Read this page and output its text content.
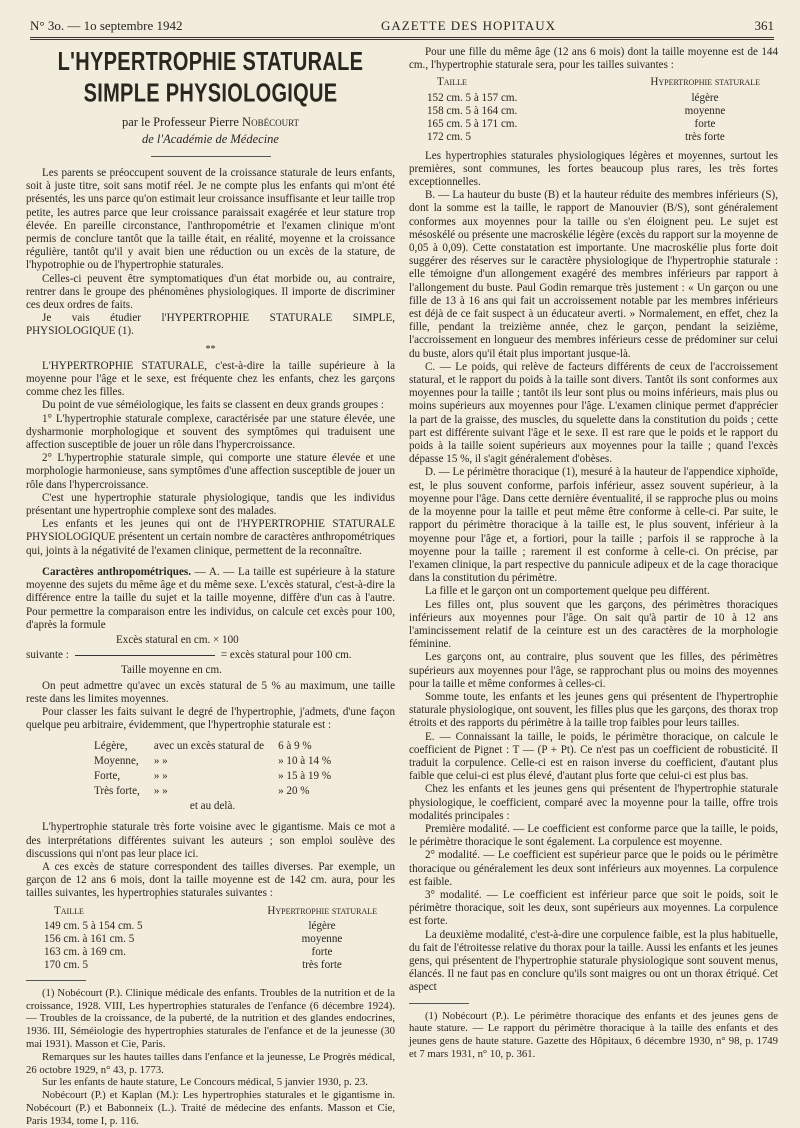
N° 3o. — 1o septembre 1942	GAZETTE DES HOPITAUX	361
L'HYPERTROPHIE STATURALE SIMPLE PHYSIOLOGIQUE
par le Professeur Pierre Nobécourt
de l'Académie de Médecine

Les parents se préoccupent souvent de la croissance staturale de leurs enfants, soit à juste titre, soit sans motif réel. Je ne compte plus les enfants qui m'ont été présentés, les uns parce qu'on estimait leur croissance insuffisante et leur taille trop petite, les autres parce que leur croissance paraissait exagérée et leur stature trop élevée. En pareille circonstance, l'anthropométrie et l'examen clinique m'ont permis de conclure tantôt que la taille était, en réalité, moyenne et la croissance régulière, tantôt qu'il y avait bien une réduction ou un excès de la stature, de l'hypotrophie ou de l'hypertrophie staturales.

Celles-ci peuvent être symptomatiques d'un état morbide ou, au contraire, rentrer dans le groupe des phénomènes physiologiques. Il importe de discriminer ces deux ordres de faits.

Je vais étudier l'HYPERTROPHIE STATURALE SIMPLE, PHYSIOLOGIQUE (1).

**

L'HYPERTROPHIE STATURALE, c'est-à-dire la taille supérieure à la moyenne pour l'âge et le sexe, est fréquente chez les enfants, chez les garçons comme chez les filles.

Du point de vue séméiologique, les faits se classent en deux grands groupes :

1° L'hypertrophie staturale complexe, caractérisée par une stature élevée, une dysharmonie morphologique et souvent des symptômes qui traduisent une affection susceptible de jouer un rôle dans l'hypercroissance.

2° L'hypertrophie staturale simple, qui comporte une stature élevée et une morphologie harmonieuse, sans symptômes d'une affection susceptible de jouer un rôle dans l'hypercroissance.

C'est une hypertrophie staturale physiologique, tandis que les individus présentant une hypertrophie complexe sont des malades.

Les enfants et les jeunes qui ont de l'HYPERTROPHIE STATURALE PHYSIOLOGIQUE présentent un certain nombre de caractères anthropométriques qui, joints à la négativité de l'examen clinique, permettent de la reconnaître.

Caractères anthropométriques. — A. — La taille est supérieure à la stature moyenne des sujets du même âge et du même sexe. L'excès statural, c'est-à-dire la différence entre la taille du sujet et la taille moyenne, diffère d'un cas à l'autre. Pour permettre la comparaison entre les individus, on calcule cet excès pour 100, d'après la formule

Excès statural en cm. × 100
suivante :	= excès statural pour 100 cm.
Taille moyenne en cm.

On peut admettre qu'avec un excès statural de 5 % au maximum, une taille reste dans les limites moyennes.

Pour classer les faits suivant le degré de l'hypertrophie, j'admets, d'une façon quelque peu arbitraire, évidemment, que l'hypertrophie staturale est :

Légère,	avec un excès statural de	6 à 9 %
Moyenne,	» »	» 10 à 14 %
Forte,	» »	» 15 à 19 %
Très forte,	» »	» 20 %
et au delà.		

L'hypertrophie staturale très forte voisine avec le gigantisme. Mais ce mot a des interprétations différentes suivant les auteurs ; son emploi soulève des discussions qui n'ont pas leur place ici.

A ces excès de stature correspondent des tailles diverses. Par exemple, un garçon de 12 ans 6 mois, dont la taille moyenne est de 142 cm. aura, pour les tailles suivantes, les hypertrophies staturales suivantes :

Taille	Hypertrophie staturale
149 cm. 5 à 154 cm. 5	légère
156 cm. à 161 cm. 5	moyenne
163 cm. à 169 cm.	forte
170 cm. 5	très forte

(1) Nobécourt (P.). Clinique médicale des enfants. Troubles de la nutrition et de la croissance, 1928. VIII, Les hypertrophies staturales de l'enfance (6 décembre 1924). — Troubles de la croissance, de la puberté, de la nutrition et des glandes endocrines, 1936. III, Séméiologie des hypertrophies staturales de l'enfance et de la jeunesse (30 mai 1931). Masson et Cie, Paris.

Remarques sur les hautes tailles dans l'enfance et la jeunesse, Le Progrès médical, 26 octobre 1929, n° 43, p. 1773.

Sur les enfants de haute stature, Le Concours médical, 5 janvier 1930, p. 23.

Nobécourt (P.) et Kaplan (M.): Les hypertrophies staturales et le gigantisme in. Nobécourt (P.) et Babonneix (L.). Traité de médecine des enfants. Masson et Cie, Paris 1934, tome I, p. 116.

Pour une fille du même âge (12 ans 6 mois) dont la taille moyenne est de 144 cm., l'hypertrophie staturale sera, pour les tailles suivantes :

Taille	Hypertrophie staturale
152 cm. 5 à 157 cm.	légère
158 cm. 5 à 164 cm.	moyenne
165 cm. 5 à 171 cm.	forte
172 cm. 5	très forte

Les hypertrophies staturales physiologiques légères et moyennes, surtout les premières, sont communes, les fortes beaucoup plus rares, les très fortes exceptionnelles.

B. — La hauteur du buste (B) et la hauteur réduite des membres inférieurs (S), dont la somme est la taille, le rapport de Manouvier (B/S), sont généralement conformes aux moyennes pour la taille ou s'en éloignent peu. Le sujet est mésoskélé ou présente une macroskélie légère (excès du rapport sur la moyenne de 0,05 à 0,09). Cette constatation est importante. Une macroskélie plus forte doit suggérer des réserves sur le caractère physiologique de l'hypertrophie staturale : elle témoigne d'un allongement exagéré des membres inférieurs par rapport à l'allongement du buste. Paul Godin remarque très justement : « Un garçon ou une fille de 13 à 16 ans qui fait un accroissement notable par les membres inférieurs est déjà de ce fait suspect à un éducateur averti. » Normalement, en effet, chez la fille, pendant la treizième année, chez le garçon, pendant la seizième, l'accroissement en longueur des membres inférieurs cesse de prédominer sur celui du buste, alors qu'il était plus important jusque-là.

C. — Le poids, qui relève de facteurs différents de ceux de l'accroissement statural, et le rapport du poids à la taille sont divers. Tantôt ils sont conformes aux moyennes pour la taille ; tantôt ils leur sont plus ou moins inférieurs, mais plus ou moins supérieurs aux moyennes pour l'âge. L'examen clinique permet d'apprécier la part de la graisse, des muscles, du squelette dans la constitution du poids ; cette part est différente suivant l'âge et le sexe. Il est rare que le poids et le rapport du poids à la taille soient supérieurs aux moyennes pour la taille ; quand l'excès dépasse 15 %, il s'agit généralement d'obèses.

D. — Le périmètre thoracique (1), mesuré à la hauteur de l'appendice xiphoïde, est, le plus souvent conforme, parfois inférieur, assez souvent supérieur, à la moyenne pour l'âge. Dans cette dernière éventualité, il se rapproche plus ou moins de la moyenne pour la taille et peut même être conforme à celle-ci. Par suite, le rapport du périmètre thoracique à la taille est, le plus souvent, inférieur à la moyenne pour l'âge et, a fortiori, pour la taille ; parfois il se rapproche à la moyenne pour la taille ; rarement il est conforme à celle-ci. On précise, par l'examen clinique, la part respective du pannicule adipeux et de la cage thoracique dans la constitution du périmètre.

La fille et le garçon ont un comportement quelque peu différent.

Les filles ont, plus souvent que les garçons, des périmètres thoraciques inférieurs aux moyennes pour l'âge. On sait qu'à partir de 10 à 12 ans l'amincissement relatif de la ceinture est un des caractères de la morphologie féminine.

Les garçons ont, au contraire, plus souvent que les filles, des périmètres supérieurs aux moyennes pour l'âge, se rapprochant plus ou moins des moyennes pour la taille et même conformes à celles-ci.

Somme toute, les enfants et les jeunes gens qui présentent de l'hypertrophie staturale physiologique, ont souvent, les filles plus que les garçons, des thorax trop étroits et des rapports du périmètre à la taille trop faibles pour leurs tailles.

E. — Connaissant la taille, le poids, le périmètre thoracique, on calcule le coefficient de Pignet : T — (P + Pt). Ce n'est pas un coefficient de robusticité. Il traduit la corpulence. Celle-ci est en raison inverse du coefficient, d'autant plus faible que celui-ci est plus élevé, d'autant plus forte que celui-ci est plus bas.

Chez les enfants et les jeunes gens qui présentent de l'hypertrophie staturale physiologique, le coefficient, comparé avec la moyenne pour la taille, offre trois modalités principales :

Première modalité. — Le coefficient est conforme parce que la taille, le poids, le périmètre thoracique le sont également. La corpulence est moyenne.

2° modalité. — Le coefficient est supérieur parce que le poids ou le périmètre thoracique ou généralement les deux sont inférieurs aux moyennes. La corpulence est faible.

3° modalité. — Le coefficient est inférieur parce que soit le poids, soit le périmètre thoracique, soit les deux, sont supérieurs aux moyennes. La corpulence est forte.

La deuxième modalité, c'est-à-dire une corpulence faible, est la plus habituelle, du fait de l'étroitesse relative du thorax pour la taille. Aussi les enfants et les jeunes gens, qui présentent de l'hypertrophie staturale physiologique sont souvent menus, élancés. Il ne faut pas en conclure qu'ils sont maigres ou ont un thorax étriqué. Cet aspect

(1) Nobécourt (P.). Le périmètre thoracique des enfants et des jeunes gens de haute stature. — Le rapport du périmètre thoracique à la taille des enfants et des jeunes gens de haute stature. Gazette des Hôpitaux, 6 décembre 1930, n° 98, p. 1749 et 7 mars 1931, n° 10, p. 361.
